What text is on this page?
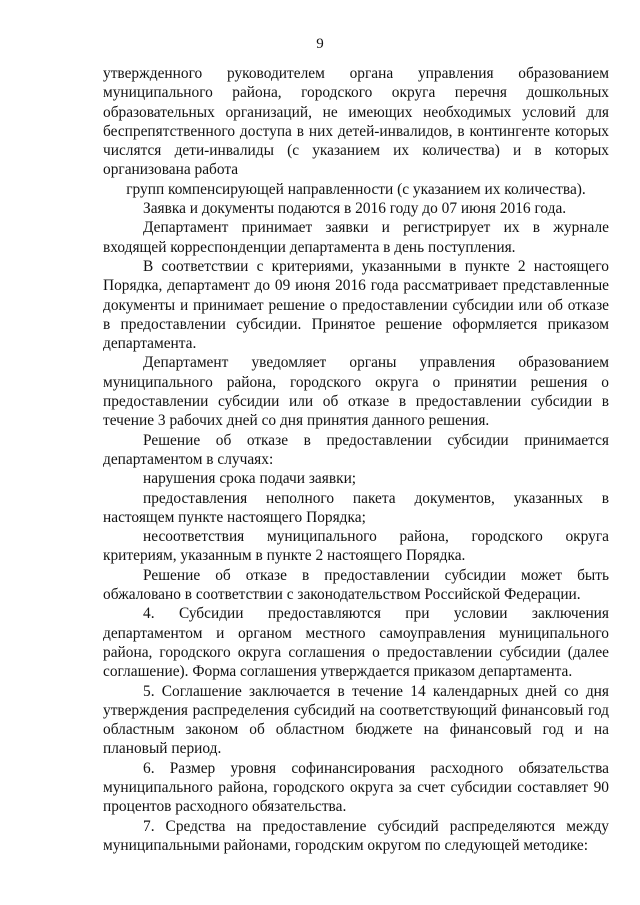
9

утвержденного руководителем органа управления образованием муниципального района, городского округа перечня дошкольных образовательных организаций, не имеющих необходимых условий для беспрепятственного доступа в них детей-инвалидов, в контингенте которых числятся дети-инвалиды (с указанием их количества) и в которых организована работа

групп компенсирующей направленности (с указанием их количества).

Заявка и документы подаются в 2016 году до 07 июня 2016 года.

Департамент принимает заявки и регистрирует их в журнале входящей корреспонденции департамента в день поступления.

В соответствии с критериями, указанными в пункте 2 настоящего Порядка, департамент до 09 июня 2016 года рассматривает представленные документы и принимает решение о предоставлении субсидии или об отказе в предоставлении субсидии. Принятое решение оформляется приказом департамента.

Департамент уведомляет органы управления образованием муниципального района, городского округа о принятии решения о предоставлении субсидии или об отказе в предоставлении субсидии в течение 3 рабочих дней со дня принятия данного решения.

Решение об отказе в предоставлении субсидии принимается департаментом в случаях:

нарушения срока подачи заявки;

предоставления неполного пакета документов, указанных в настоящем пункте настоящего Порядка;

несоответствия муниципального района, городского округа критериям, указанным в пункте 2 настоящего Порядка.

Решение об отказе в предоставлении субсидии может быть обжаловано в соответствии с законодательством Российской Федерации.

4. Субсидии предоставляются при условии заключения департаментом и органом местного самоуправления муниципального района, городского округа соглашения о предоставлении субсидии (далее соглашение). Форма соглашения утверждается приказом департамента.

5. Соглашение заключается в течение 14 календарных дней со дня утверждения распределения субсидий на соответствующий финансовый год областным законом об областном бюджете на финансовый год и на плановый период.

6. Размер уровня софинансирования расходного обязательства муниципального района, городского округа за счет субсидии составляет 90 процентов расходного обязательства.

7. Средства на предоставление субсидий распределяются между муниципальными районами, городским округом по следующей методике:
